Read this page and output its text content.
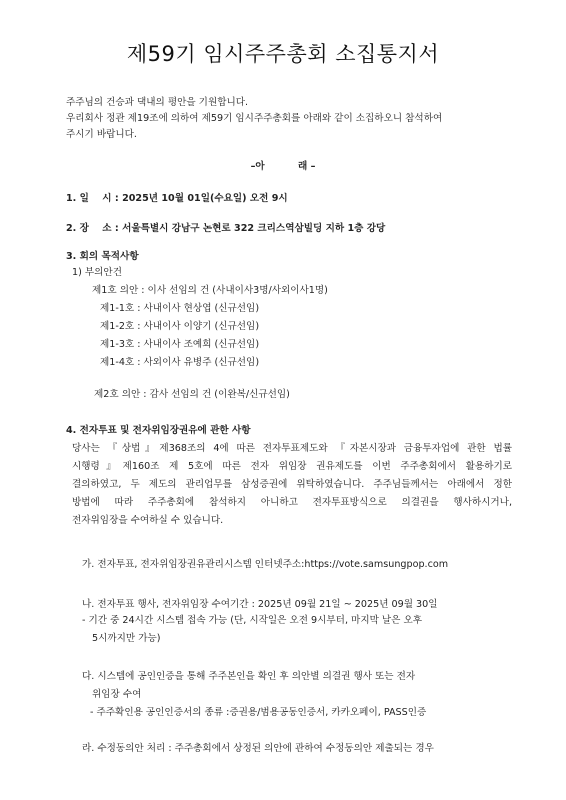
제59기 임시주주총회 소집통지서
주주님의 건승과 댁내의 평안을 기원합니다.
우리회사 정관 제19조에 의하여 제59기 임시주주총회를 아래와 같이 소집하오니 참석하여
주시기 바랍니다.
–아          래 –
1. 일    시 : 2025년 10월 01일(수요일) 오전 9시
2. 장    소 : 서울특별시 강남구 논현로 322 크리스역삼빌딩 지하 1층 강당
3. 회의 목적사항
1) 부의안건
제1호 의안 : 이사 선임의 건 (사내이사3명/사외이사1명)
제1-1호 : 사내이사 현상엽 (신규선임)
제1-2호 : 사내이사 이양기 (신규선임)
제1-3호 : 사내이사 조예희 (신규선임)
제1-4호 : 사외이사 유병주 (신규선임)
제2호 의안 : 감사 선임의 건 (이완복/신규선임)
4. 전자투표 및 전자위임장권유에 관한 사항
당사는 『상법』제368조의 4에 따른 전자투표제도와 『자본시장과 금융투자업에 관한 법률
시행령』제160조 제 5호에 따른 전자 위임장 권유제도를 이번 주주총회에서 활용하기로
결의하였고, 두 제도의 관리업무를 삼성증권에 위탁하였습니다. 주주님들께서는 아래에서 정한
방법에 따라 주주총회에 참석하지 아니하고 전자투표방식으로 의결권을 행사하시거나,
전자위임장을 수여하실 수 있습니다.
가. 전자투표, 전자위임장권유관리시스템 인터넷주소:https://vote.samsungpop.com
나. 전자투표 행사, 전자위임장 수여기간 : 2025년 09월 21일 ~ 2025년 09월 30일
- 기간 중 24시간 시스템 접속 가능 (단, 시작일은 오전 9시부터, 마지막 날은 오후
5시까지만 가능)
다. 시스템에 공인인증을 통해 주주본인을 확인 후 의안별 의결권 행사 또는 전자
위임장 수여
- 주주확인용 공인인증서의 종류 :증권용/범용공동인증서, 카카오페이, PASS인증
라. 수정동의안 처리 : 주주총회에서 상정된 의안에 관하여 수정동의안 제출되는 경우
